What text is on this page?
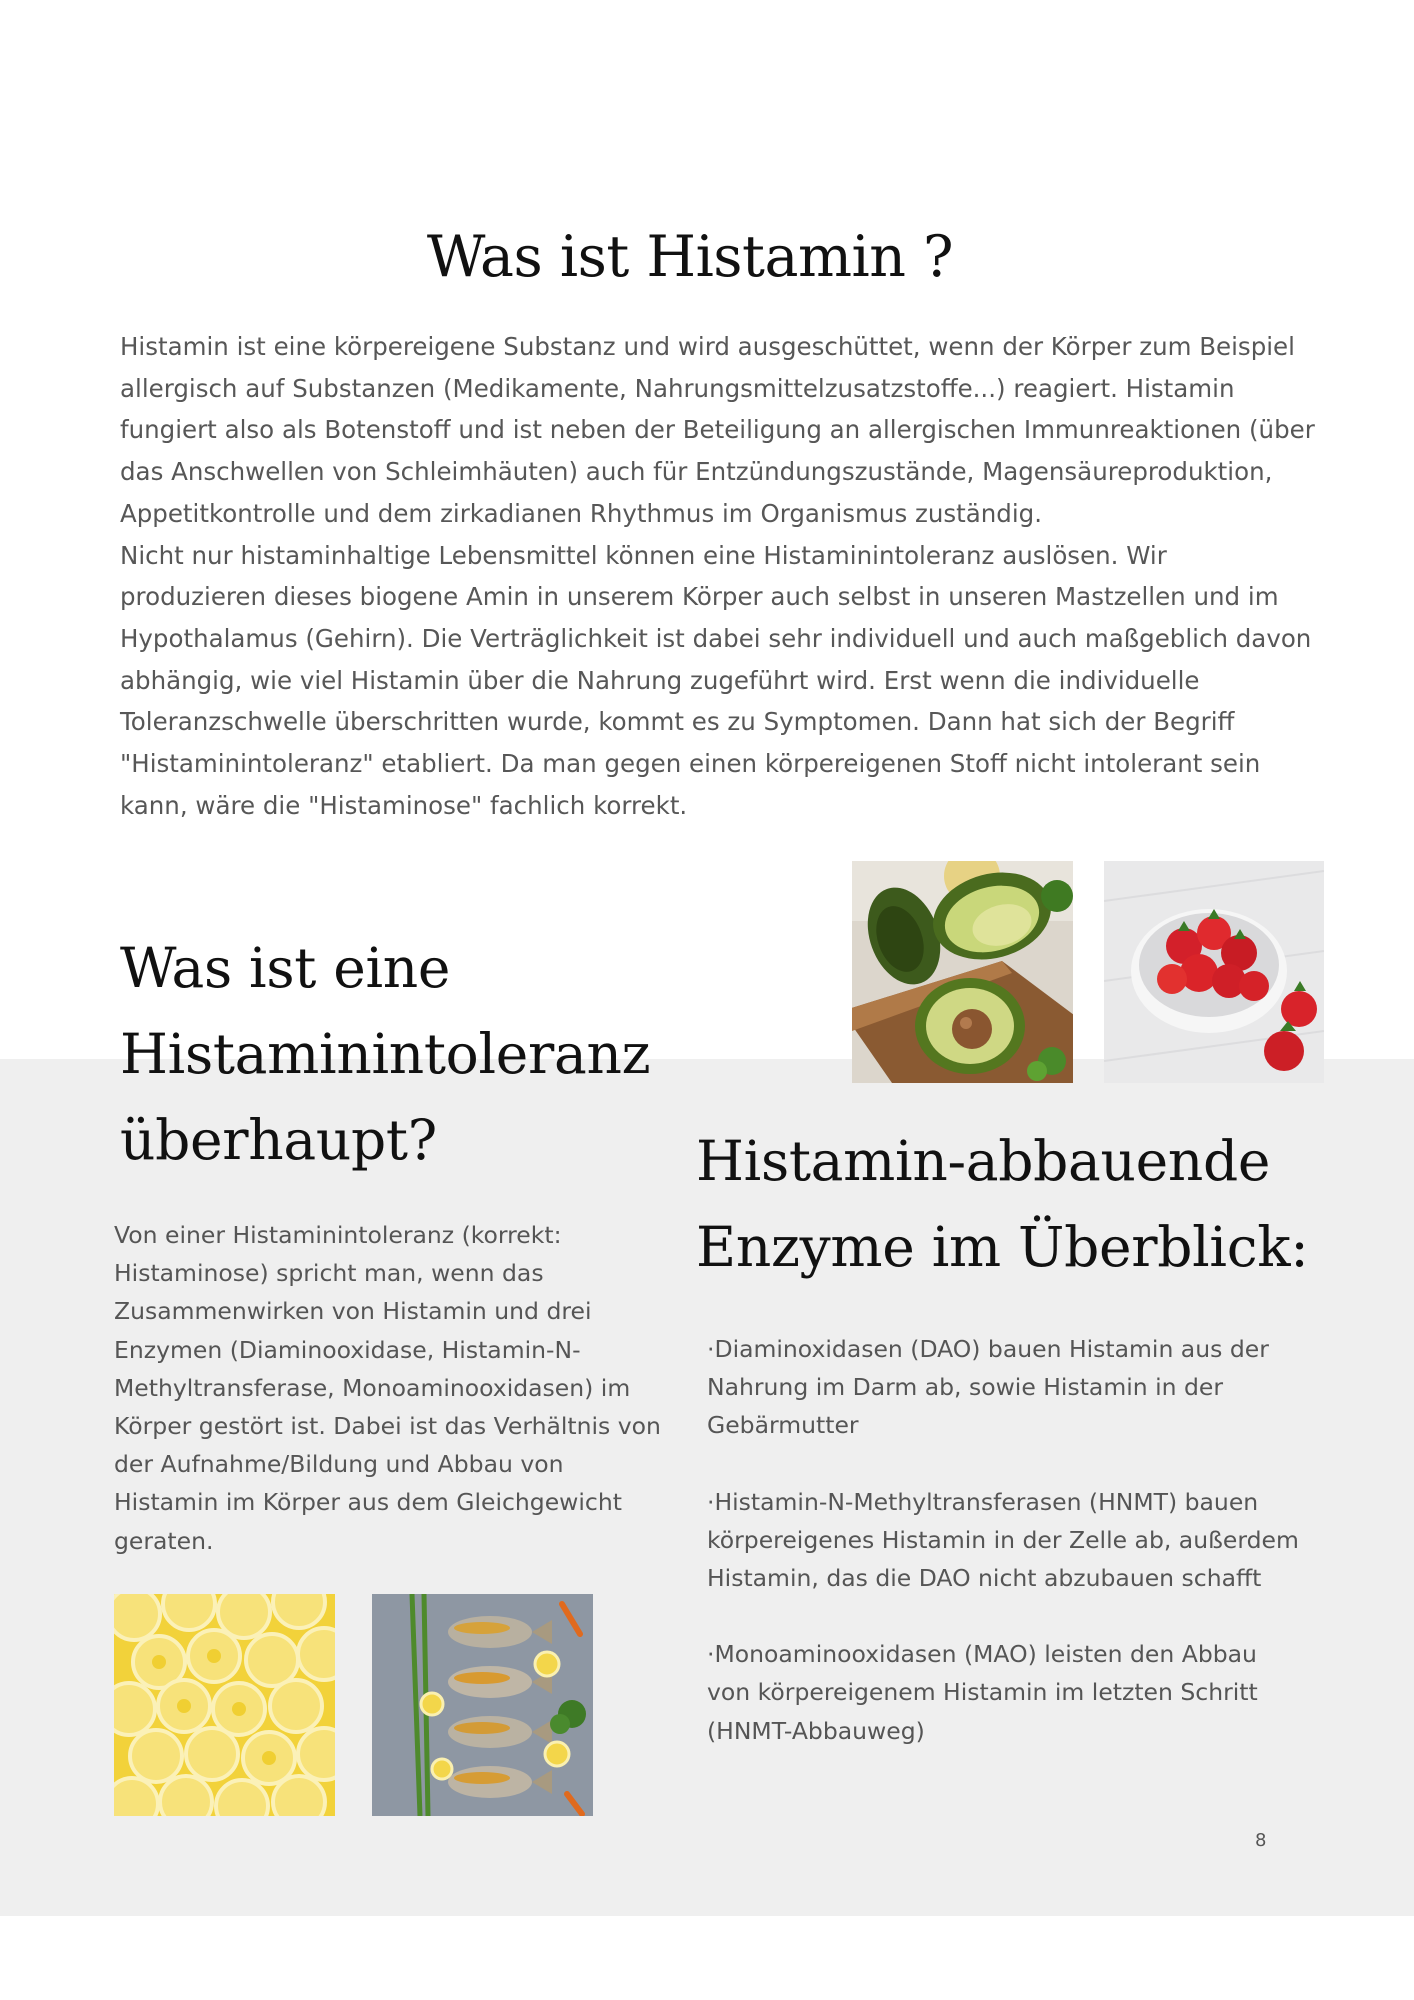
Was ist Histamin ?

Histamin ist eine körpereigene Substanz und wird ausgeschüttet, wenn der Körper zum Beispiel allergisch auf Substanzen (Medikamente, Nahrungsmittelzusatzstoffe...) reagiert. Histamin fungiert also als Botenstoff und ist neben der Beteiligung an allergischen Immunreaktionen (über das Anschwellen von Schleimhäuten) auch für Entzündungszustände, Magensäureproduktion, Appetitkontrolle und dem zirkadianen Rhythmus im Organismus zuständig.

Nicht nur histaminhaltige Lebensmittel können eine Histaminintoleranz auslösen. Wir produzieren dieses biogene Amin in unserem Körper auch selbst in unseren Mastzellen und im Hypothalamus (Gehirn). Die Verträglichkeit ist dabei sehr individuell und auch maßgeblich davon abhängig, wie viel Histamin über die Nahrung zugeführt wird. Erst wenn die individuelle Toleranzschwelle überschritten wurde, kommt es zu Symptomen. Dann hat sich der Begriff "Histaminintoleranz" etabliert. Da man gegen einen körpereigenen Stoff nicht intolerant sein kann, wäre die "Histaminose" fachlich korrekt.

Was ist eine Histaminintoleranz überhaupt?

Von einer Histaminintoleranz (korrekt: Histaminose) spricht man, wenn das Zusammenwirken von Histamin und drei Enzymen (Diaminooxidase, Histamin-N-Methyltransferase, Monoaminooxidasen) im Körper gestört ist. Dabei ist das Verhältnis von der Aufnahme/Bildung und Abbau von Histamin im Körper aus dem Gleichgewicht geraten.

Histamin-abbauende Enzyme im Überblick:

·Diaminoxidasen (DAO) bauen Histamin aus der Nahrung im Darm ab, sowie Histamin in der Gebärmutter

·Histamin-N-Methyltransferasen (HNMT) bauen körpereigenes Histamin in der Zelle ab, außerdem Histamin, das die DAO nicht abzubauen schafft

·Monoaminooxidasen (MAO) leisten den Abbau von körpereigenem Histamin im letzten Schritt (HNMT-Abbauweg)

8
